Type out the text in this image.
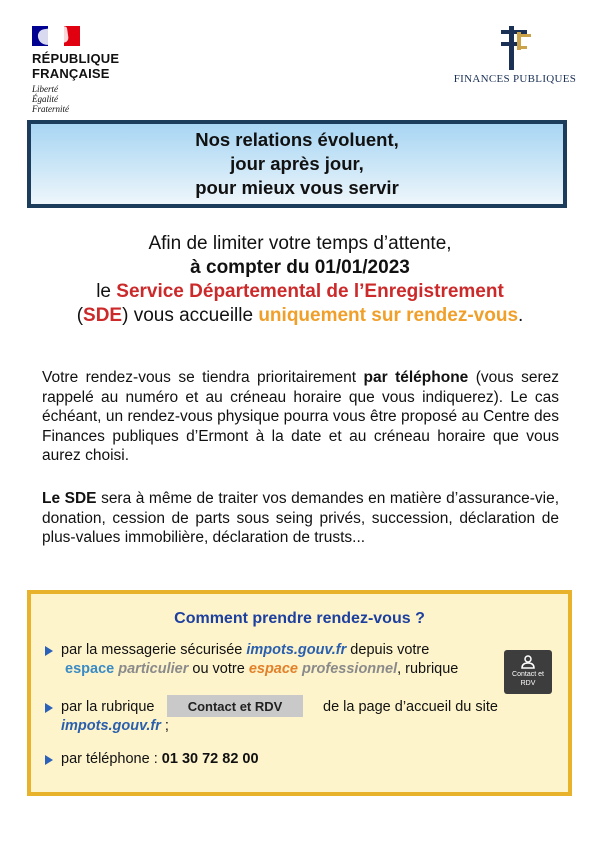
RÉPUBLIQUE
FRANÇAISE
Liberté
Égalité
Fraternité
FINANCES PUBLIQUES
Nos relations évoluent,
jour après jour,
pour mieux vous servir
Afin de limiter votre temps d’attente,
à compter du 01/01/2023
le Service Départemental de l’Enregistrement
(SDE) vous accueille uniquement sur rendez-vous.
Votre rendez-vous se tiendra prioritairement par téléphone (vous serez rappelé au numéro et au créneau horaire que vous indiquerez). Le cas échéant, un rendez-vous physique pourra vous être proposé au Centre des Finances publiques d’Ermont à la date et au créneau horaire que vous aurez choisi.
Le SDE sera à même de traiter vos demandes en matière d’assurance-vie, donation, cession de parts sous seing privés, succession, déclaration de plus-values immobilière, déclaration de trusts...
Comment prendre rendez-vous ?
par la messagerie sécurisée impots.gouv.fr depuis votre
espace particulier ou votre espace professionnel, rubrique	Contact et
RDV
par la rubrique	de la page d’accueil du site
impots.gouv.fr ;
Contact et RDV
par téléphone : 01 30 72 82 00
